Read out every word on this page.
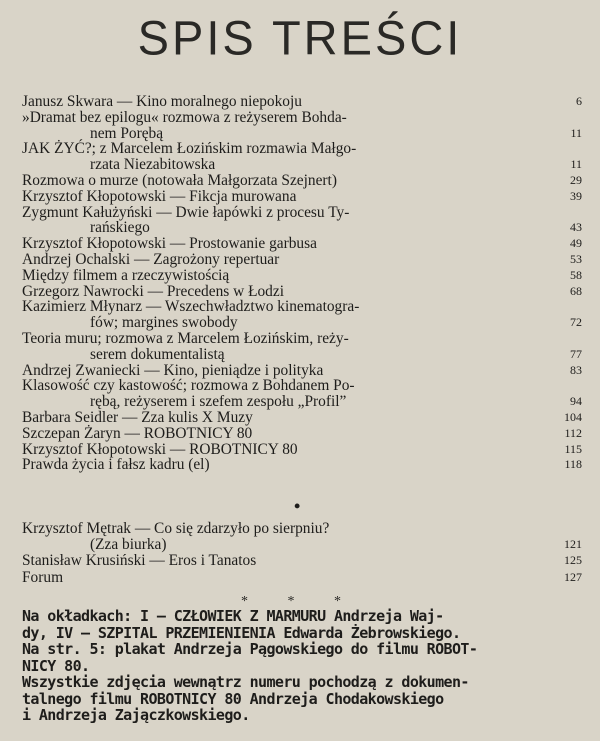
SPIS TREŚCI
Janusz Skwara — Kino moralnego niepokoju	6
»Dramat bez epilogu« rozmowa z reżyserem Bohda-
nem Porębą	11
JAK ŻYĆ?; z Marcelem Łozińskim rozmawia Małgo-
rzata Niezabitowska	11
Rozmowa o murze (notowała Małgorzata Szejnert)	29
Krzysztof Kłopotowski — Fikcja murowana	39
Zygmunt Kałużyński — Dwie łapówki z procesu Ty-
rańskiego	43
Krzysztof Kłopotowski — Prostowanie garbusa	49
Andrzej Ochalski — Zagrożony repertuar	53
Między filmem a rzeczywistością	58
Grzegorz Nawrocki — Precedens w Łodzi	68
Kazimierz Młynarz — Wszechwładztwo kinematogra-
fów; margines swobody	72
Teoria muru; rozmowa z Marcelem Łozińskim, reży-
serem dokumentalistą	77
Andrzej Zwaniecki — Kino, pieniądze i polityka	83
Klasowość czy kastowość; rozmowa z Bohdanem Po-
rębą, reżyserem i szefem zespołu „Profil”	94
Barbara Seidler — Zza kulis X Muzy	104
Szczepan Żaryn — ROBOTNICY 80	112
Krzysztof Kłopotowski — ROBOTNICY 80	115
Prawda życia i fałsz kadru (el)	118
Krzysztof Mętrak — Co się zdarzyło po sierpniu?
(Zza biurka)	121
Stanisław Krusiński — Eros i Tanatos	125
Forum	127
•
* * *
Na okładkach: I — CZŁOWIEK Z MARMURU Andrzeja Waj-
dy, IV — SZPITAL PRZEMIENIENIA Edwarda Żebrowskiego.
Na str. 5: plakat Andrzeja Pągowskiego do filmu ROBOT-
NICY 80.
Wszystkie zdjęcia wewnątrz numeru pochodzą z dokumen-
talnego filmu ROBOTNICY 80 Andrzeja Chodakowskiego
i Andrzeja Zajączkowskiego.
